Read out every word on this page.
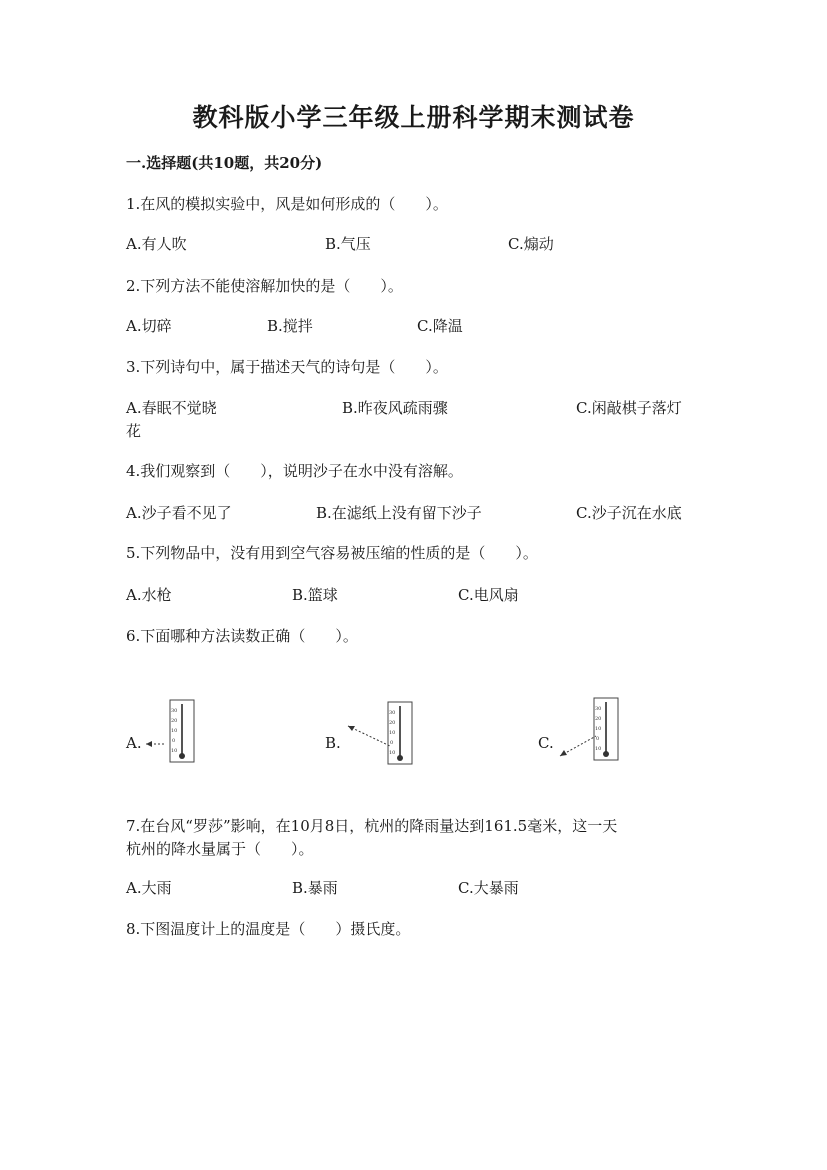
教科版小学三年级上册科学期末测试卷
一.选择题(共10题，共20分)
1.在风的模拟实验中，风是如何形成的（　　）。
A.有人吹	B.气压	C.煽动
2.下列方法不能使溶解加快的是（　　）。
A.切碎	B.搅拌	C.降温
3.下列诗句中，属于描述天气的诗句是（　　）。
A.春眠不觉晓	B.昨夜风疏雨骤	C.闲敲棋子落灯
花
4.我们观察到（　　），说明沙子在水中没有溶解。
A.沙子看不见了	B.在滤纸上没有留下沙子	C.沙子沉在水底
5.下列物品中，没有用到空气容易被压缩的性质的是（　　）。
A.水枪	B.篮球	C.电风扇
6.下面哪种方法读数正确（　　）。
A.	B.	C.
30
20
10
0
10
30
20
10
0
10
30
20
10
0
10
7.在台风“罗莎”影响，在10月8日，杭州的降雨量达到161.5毫米，这一天
杭州的降水量属于（　　）。
A.大雨	B.暴雨	C.大暴雨
8.下图温度计上的温度是（　　）摄氏度。
